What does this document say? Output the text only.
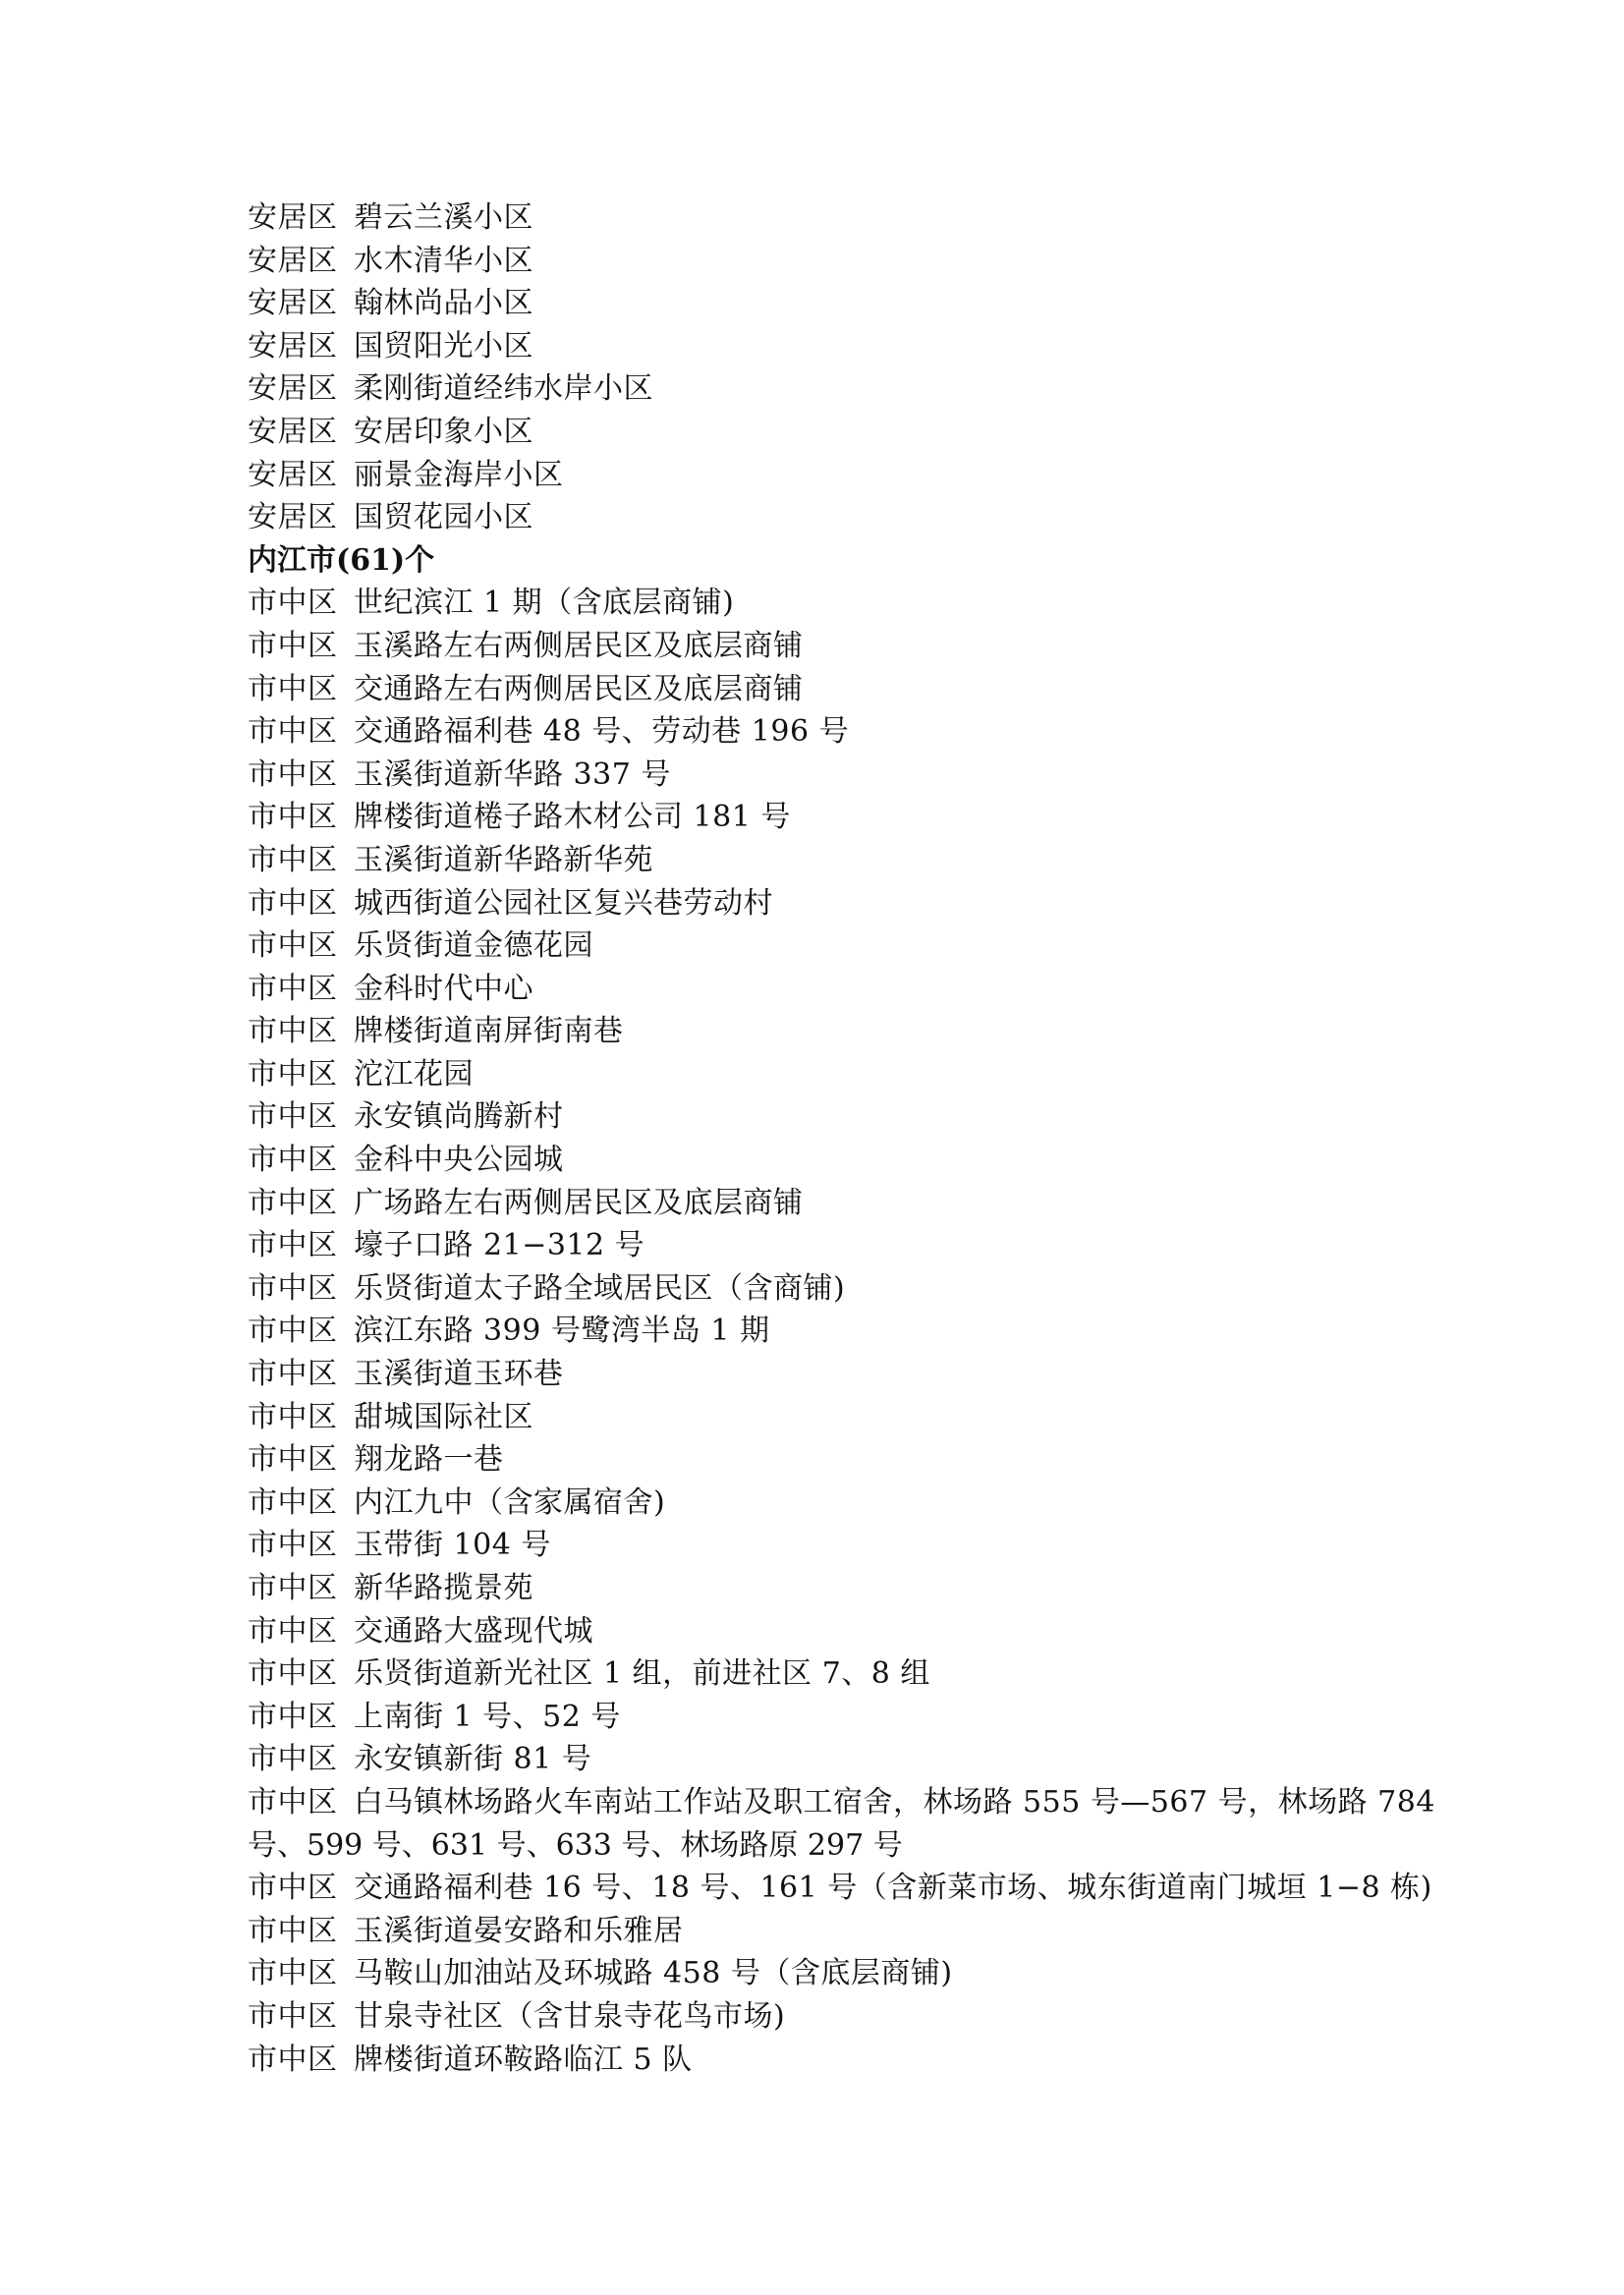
安居区 碧云兰溪小区
安居区 水木清华小区
安居区 翰林尚品小区
安居区 国贸阳光小区
安居区 柔刚街道经纬水岸小区
安居区 安居印象小区
安居区 丽景金海岸小区
安居区 国贸花园小区
内江市(61)个
市中区 世纪滨江 1 期（含底层商铺)
市中区 玉溪路左右两侧居民区及底层商铺
市中区 交通路左右两侧居民区及底层商铺
市中区 交通路福利巷 48 号、劳动巷 196 号
市中区 玉溪街道新华路 337 号
市中区 牌楼街道棬子路木材公司 181 号
市中区 玉溪街道新华路新华苑
市中区 城西街道公园社区复兴巷劳动村
市中区 乐贤街道金德花园
市中区 金科时代中心
市中区 牌楼街道南屏街南巷
市中区 沱江花园
市中区 永安镇尚腾新村
市中区 金科中央公园城
市中区 广场路左右两侧居民区及底层商铺
市中区 壕子口路 21−312 号
市中区 乐贤街道太子路全域居民区（含商铺)
市中区 滨江东路 399 号鹭湾半岛 1 期
市中区 玉溪街道玉环巷
市中区 甜城国际社区
市中区 翔龙路一巷
市中区 内江九中（含家属宿舍)
市中区 玉带街 104 号
市中区 新华路揽景苑
市中区 交通路大盛现代城
市中区 乐贤街道新光社区 1 组，前进社区 7、8 组
市中区 上南街 1 号、52 号
市中区 永安镇新街 81 号
市中区 白马镇林场路火车南站工作站及职工宿舍，林场路 555 号—567 号，林场路 784
号、599 号、631 号、633 号、林场路原 297 号
市中区 交通路福利巷 16 号、18 号、161 号（含新菜市场、城东街道南门城垣 1−8 栋)
市中区 玉溪街道晏安路和乐雅居
市中区 马鞍山加油站及环城路 458 号（含底层商铺)
市中区 甘泉寺社区（含甘泉寺花鸟市场)
市中区 牌楼街道环鞍路临江 5 队
